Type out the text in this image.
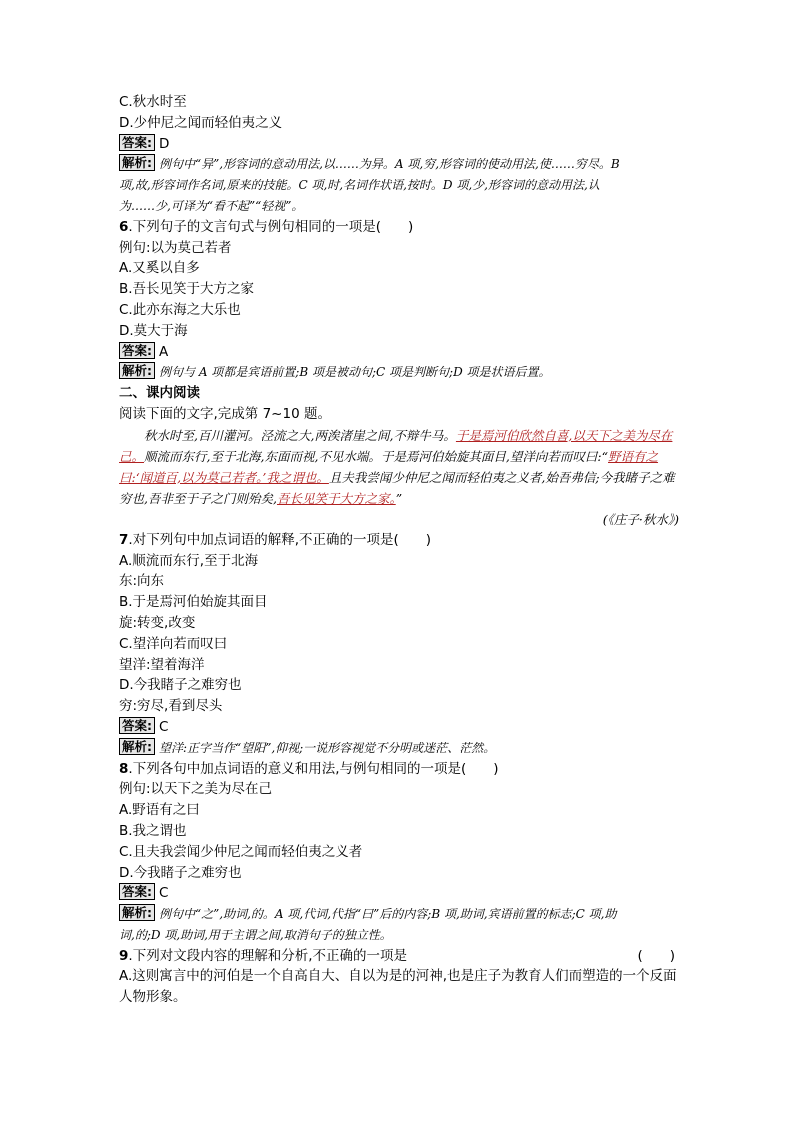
C.秋水时至
D.少仲尼之闻而轻伯夷之义
答案: D
解析: 例句中“异”,形容词的意动用法,以……为异。A 项,穷,形容词的使动用法,使……穷尽。B
项,故,形容词作名词,原来的技能。C 项,时,名词作状语,按时。D 项,少,形容词的意动用法,认
为……少,可译为“看不起”“轻视”。
6.下列句子的文言句式与例句相同的一项是(　　)
例句:以为莫己若者
A.又奚以自多
B.吾长见笑于大方之家
C.此亦东海之大乐也
D.莫大于海
答案: A
解析: 例句与 A 项都是宾语前置;B 项是被动句;C 项是判断句;D 项是状语后置。
二、课内阅读
阅读下面的文字,完成第 7~10 题。
秋水时至,百川灌河。泾流之大,两涘渚崖之间,不辩牛马。于是焉河伯欣然自喜,以天下之美为尽在己。顺流而东行,至于北海,东面而视,不见水端。于是焉河伯始旋其面目,望洋向若而叹曰:“野语有之曰:‘闻道百,以为莫己若者。’我之谓也。且夫我尝闻少仲尼之闻而轻伯夷之义者,始吾弗信;今我睹子之难穷也,吾非至于子之门则殆矣,吾长见笑于大方之家。”
(《庄子·秋水》)
7.对下列句中加点词语的解释,不正确的一项是(　　)
A.顺流而东行,至于北海
东:向东
B.于是焉河伯始旋其面目
旋:转变,改变
C.望洋向若而叹曰
望洋:望着海洋
D.今我睹子之难穷也
穷:穷尽,看到尽头
答案: C
解析: 望洋:正字当作“望阳”,仰视;一说形容视觉不分明或迷茫、茫然。
8.下列各句中加点词语的意义和用法,与例句相同的一项是(　　)
例句:以天下之美为尽在己
A.野语有之曰
B.我之谓也
C.且夫我尝闻少仲尼之闻而轻伯夷之义者
D.今我睹子之难穷也
答案: C
解析: 例句中“之”,助词,的。A 项,代词,代指“曰”后的内容;B 项,助词,宾语前置的标志;C 项,助
词,的;D 项,助词,用于主谓之间,取消句子的独立性。
9.下列对文段内容的理解和分析,不正确的一项是	(　　)
A.这则寓言中的河伯是一个自高自大、自以为是的河神,也是庄子为教育人们而塑造的一个反面人物形象。
